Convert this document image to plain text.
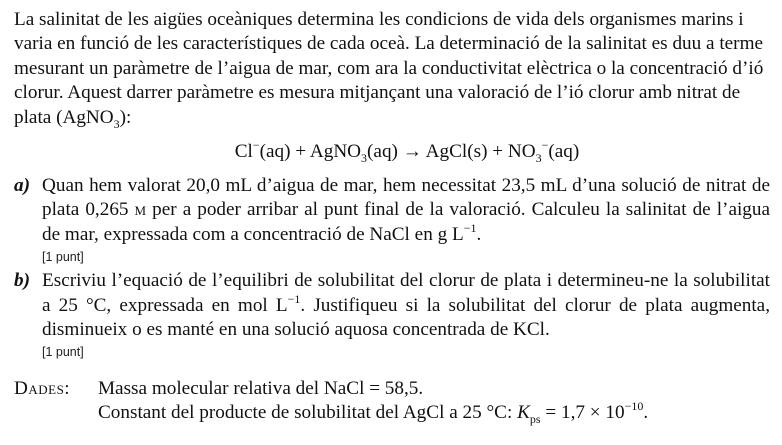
La salinitat de les aigües oceàniques determina les condicions de vida dels organismes marins i varia en funció de les característiques de cada oceà. La determinació de la salinitat es duu a terme mesurant un paràmetre de l’aigua de mar, com ara la conductivitat elèctrica o la concentració d’ió clorur. Aquest darrer paràmetre es mesura mitjançant una valoració de l’ió clorur amb nitrat de plata (AgNO$_3$):

Cl−(aq) + AgNO$_3$(aq) → AgCl(s) + $NO_3^-(aq)$
a) Quan hem valorat 20,0 mL d’aigua de mar, hem necessitat 23,5 mL d’una solució de nitrat de plata 0,265 m per a poder arribar al punt final de la valoració. Calculeu la salinitat de l’aigua de mar, expressada com a concentració de NaCl en g $L^{-1}$.

[1 punt]
b) Escriviu l’equació de l’equilibri de solubilitat del clorur de plata i determineu-ne la solubilitat a 25 °C, expressada en mol $L^{-1}$. Justifiqueu si la solubilitat del clorur de plata augmenta, disminueix o es manté en una solució aquosa concentrada de KCl.

[1 punt]
Dades:	Massa molecular relativa del NaCl = 58,5.
Constant del producte de solubilitat del AgCl a 25 °C: $K_{ps} = 1,7 \times 10^{-10}$.
